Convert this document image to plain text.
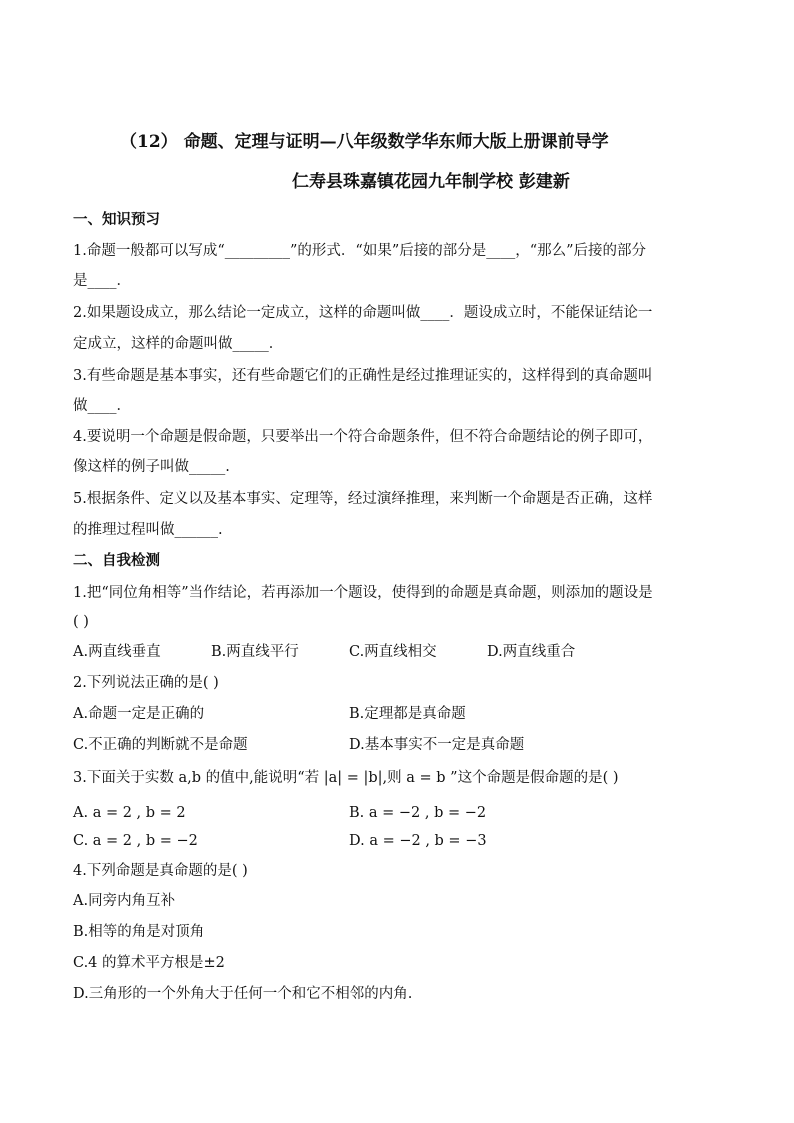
（12） 命题、定理与证明—八年级数学华东师大版上册课前导学
仁寿县珠嘉镇花园九年制学校 彭建新
一、知识预习
1.命题一般都可以写成“_________”的形式．“如果”后接的部分是____，“那么”后接的部分
是____．
2.如果题设成立，那么结论一定成立，这样的命题叫做____．题设成立时，不能保证结论一
定成立，这样的命题叫做_____．
3.有些命题是基本事实，还有些命题它们的正确性是经过推理证实的，这样得到的真命题叫
做____．
4.要说明一个命题是假命题，只要举出一个符合命题条件，但不符合命题结论的例子即可，
像这样的例子叫做_____.
5.根据条件、定义以及基本事实、定理等，经过演绎推理，来判断一个命题是否正确，这样
的推理过程叫做______.
二、自我检测
1.把“同位角相等”当作结论，若再添加一个题设，使得到的命题是真命题，则添加的题设是
( )
A.两直线垂直	B.两直线平行	C.两直线相交	D.两直线重合
2.下列说法正确的是( )
A.命题一定是正确的	B.定理都是真命题
C.不正确的判断就不是命题	D.基本事实不一定是真命题
3.下面关于实数 a,b 的值中,能说明“若 |a| = |b|,则 a = b ”这个命题是假命题的是( )
A. a = 2 , b = 2	B. a = −2 , b = −2
C. a = 2 , b = −2	D. a = −2 , b = −3
4.下列命题是真命题的是( )
A.同旁内角互补
B.相等的角是对顶角
C.4 的算术平方根是±2
D.三角形的一个外角大于任何一个和它不相邻的内角.
